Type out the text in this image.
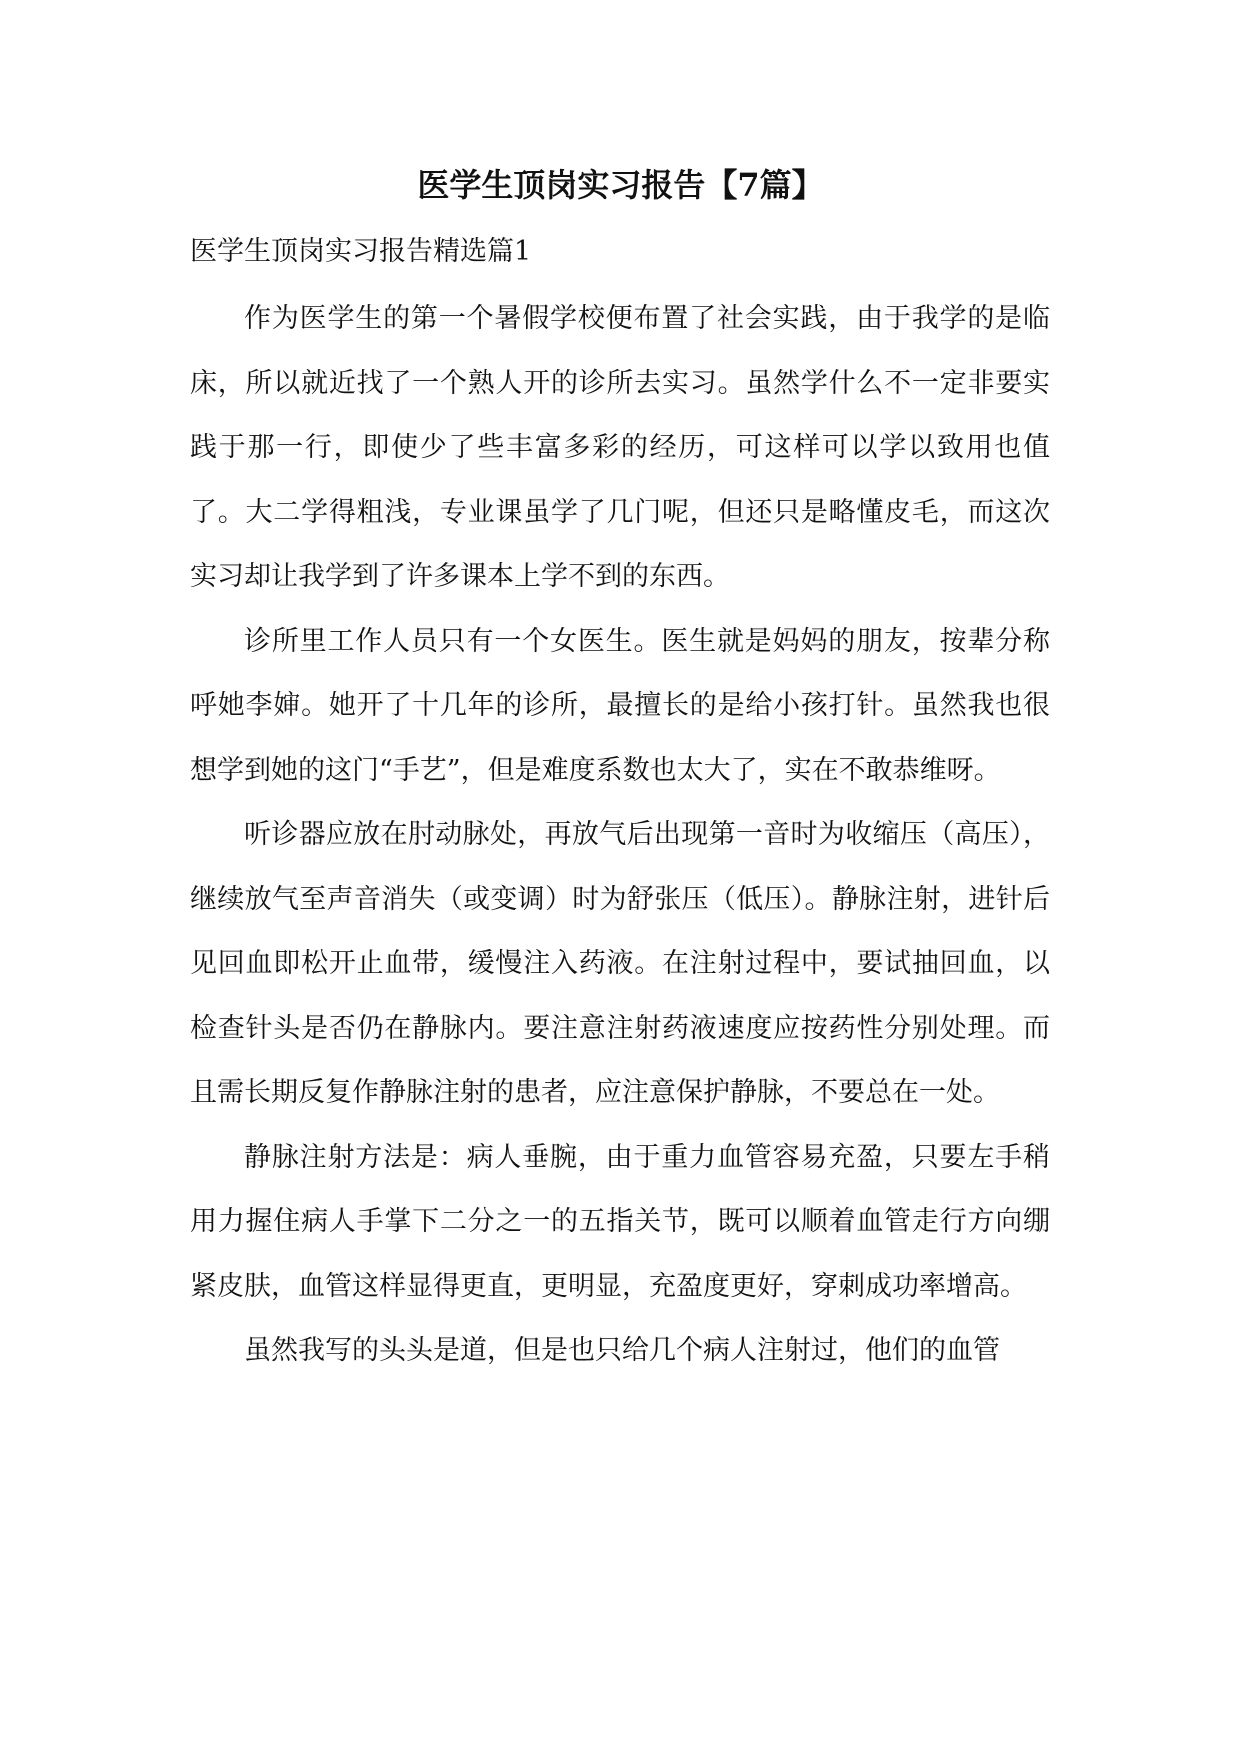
医学生顶岗实习报告【7篇】

医学生顶岗实习报告精选篇1

作为医学生的第一个暑假学校便布置了社会实践，由于我学的是临床，所以就近找了一个熟人开的诊所去实习。虽然学什么不一定非要实践于那一行，即使少了些丰富多彩的经历，可这样可以学以致用也值了。大二学得粗浅，专业课虽学了几门呢，但还只是略懂皮毛，而这次实习却让我学到了许多课本上学不到的东西。

诊所里工作人员只有一个女医生。医生就是妈妈的朋友，按辈分称呼她李婶。她开了十几年的诊所，最擅长的是给小孩打针。虽然我也很想学到她的这门“手艺”，但是难度系数也太大了，实在不敢恭维呀。

听诊器应放在肘动脉处，再放气后出现第一音时为收缩压（高压），继续放气至声音消失（或变调）时为舒张压（低压）。静脉注射，进针后见回血即松开止血带，缓慢注入药液。在注射过程中，要试抽回血，以检查针头是否仍在静脉内。要注意注射药液速度应按药性分别处理。而且需长期反复作静脉注射的患者，应注意保护静脉，不要总在一处。

静脉注射方法是：病人垂腕，由于重力血管容易充盈，只要左手稍用力握住病人手掌下二分之一的五指关节，既可以顺着血管走行方向绷紧皮肤，血管这样显得更直，更明显，充盈度更好，穿刺成功率增高。

虽然我写的头头是道，但是也只给几个病人注射过，他们的血管
